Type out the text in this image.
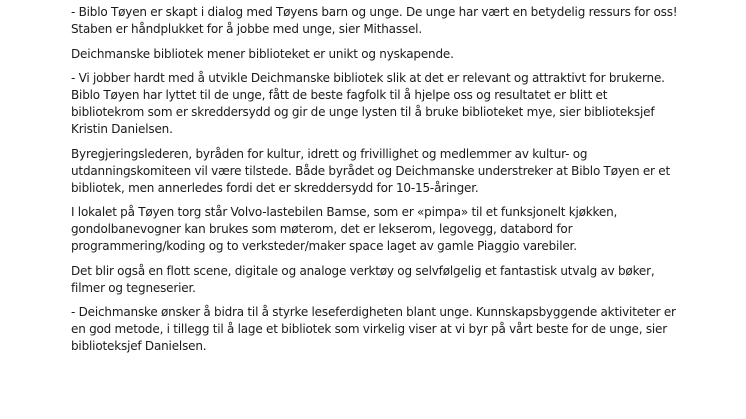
- Biblo Tøyen er skapt i dialog med Tøyens barn og unge. De unge har vært en betydelig ressurs for oss! Staben er håndplukket for å jobbe med unge, sier Mithassel.

Deichmanske bibliotek mener biblioteket er unikt og nyskapende.

- Vi jobber hardt med å utvikle Deichmanske bibliotek slik at det er relevant og attraktivt for brukerne. Biblo Tøyen har lyttet til de unge, fått de beste fagfolk til å hjelpe oss og resultatet er blitt et bibliotekrom som er skreddersydd og gir de unge lysten til å bruke biblioteket mye, sier biblioteksjef Kristin Danielsen.

Byregjeringslederen, byråden for kultur, idrett og frivillighet og medlemmer av kultur- og utdanningskomiteen vil være tilstede. Både byrådet og Deichmanske understreker at Biblo Tøyen er et bibliotek, men annerledes fordi det er skreddersydd for 10-15-åringer.

I lokalet på Tøyen torg står Volvo-lastebilen Bamse, som er «pimpa» til et funksjonelt kjøkken, gondolbanevogner kan brukes som møterom, det er lekserom, legovegg, databord for programmering/koding og to verksteder/maker space laget av gamle Piaggio varebiler.

Det blir også en flott scene, digitale og analoge verktøy og selvfølgelig et fantastisk utvalg av bøker, filmer og tegneserier.

- Deichmanske ønsker å bidra til å styrke leseferdigheten blant unge. Kunnskapsbyggende aktiviteter er en god metode, i tillegg til å lage et bibliotek som virkelig viser at vi byr på vårt beste for de unge, sier biblioteksjef Danielsen.
